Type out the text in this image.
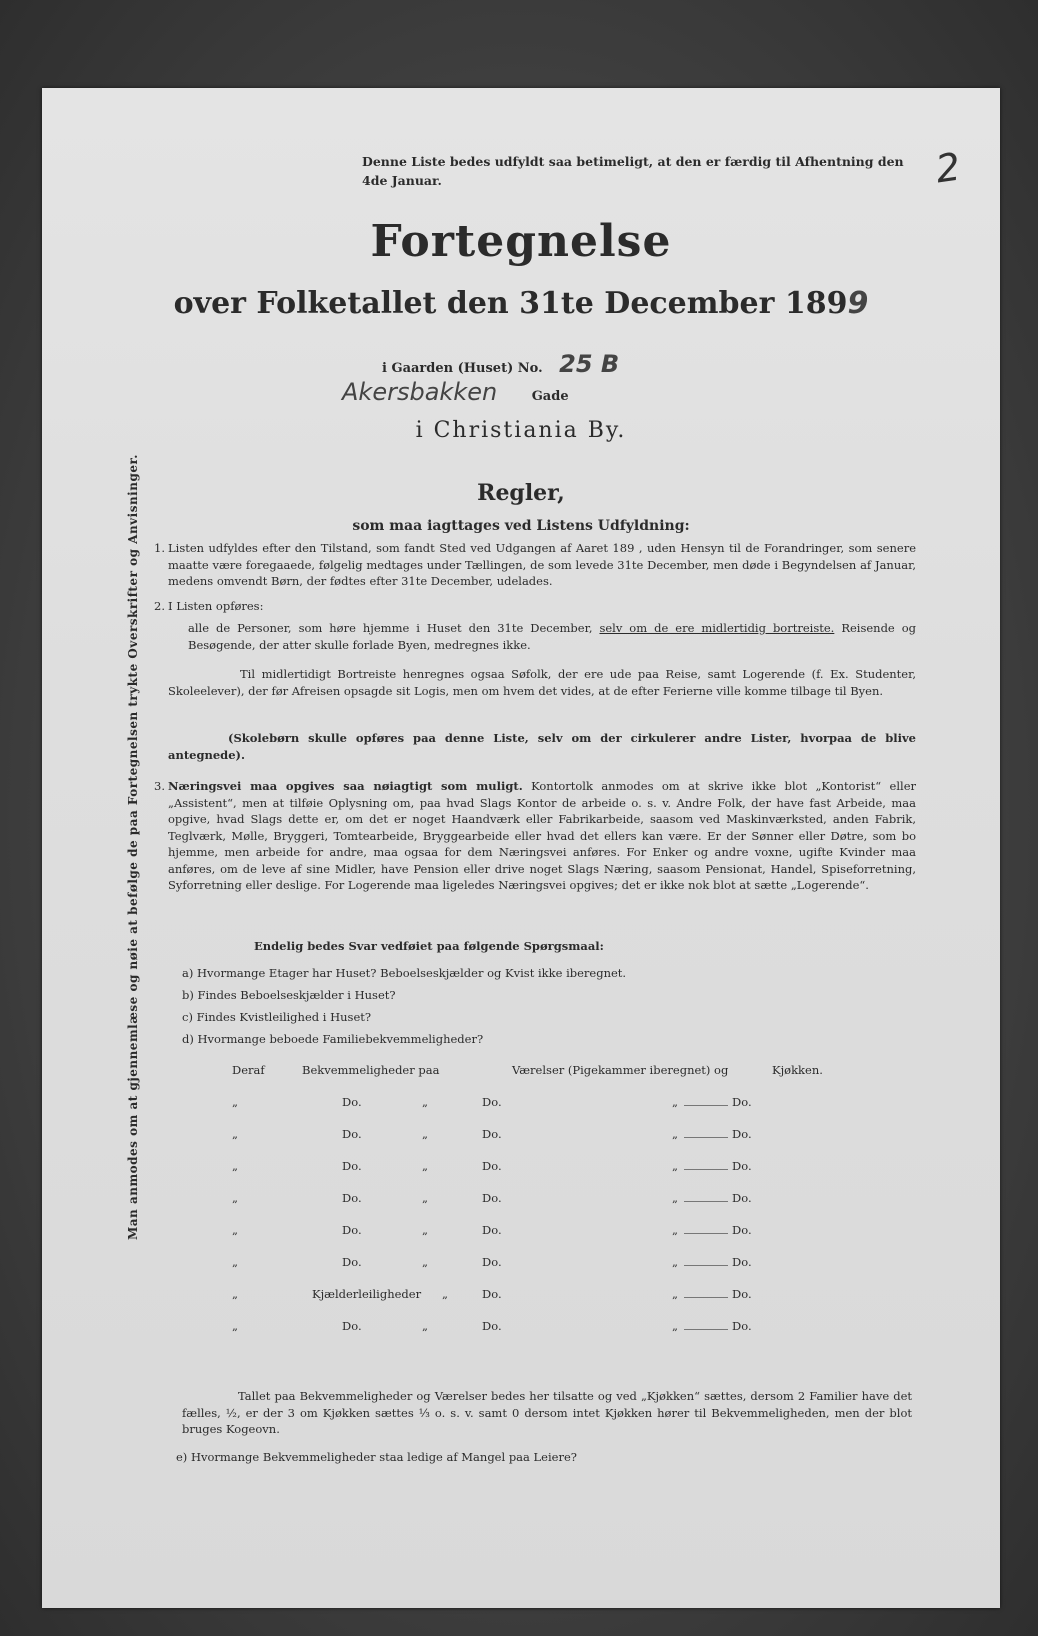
Denne Liste bedes udfyldt saa betimeligt, at den er færdig til Afhentning den 4de Januar.	2
Fortegnelse
over Folketallet den 31te December 1899
i Gaarden (Huset) No. 25 B
Akersbakken	Gade
i Christiania By.
Regler,
som maa iagttages ved Listens Udfyldning:
1. Listen udfyldes efter den Tilstand, som fandt Sted ved Udgangen af Aaret 189 , uden Hensyn til de Forandringer, som senere maatte være foregaaede, følgelig medtages under Tællingen, de som levede 31te December, men døde i Begyndelsen af Januar, medens omvendt Børn, der fødtes efter 31te December, udelades.
2. I Listen opføres:
alle de Personer, som høre hjemme i Huset den 31te December, selv om de ere midlertidig bortreiste. Reisende og Besøgende, der atter skulle forlade Byen, medregnes ikke.
Til midlertidigt Bortreiste henregnes ogsaa Søfolk, der ere ude paa Reise, samt Logerende (f. Ex. Studenter, Skoleelever), der før Afreisen opsagde sit Logis, men om hvem det vides, at de efter Ferierne ville komme tilbage til Byen.
(Skolebørn skulle opføres paa denne Liste, selv om der cirkulerer andre Lister, hvorpaa de blive antegnede).
3. Næringsvei maa opgives saa nøiagtigt som muligt. Kontortolk anmodes om at skrive ikke blot „Kontorist“ eller „Assistent“, men at tilføie Oplysning om, paa hvad Slags Kontor de arbeide o. s. v. Andre Folk, der have fast Arbeide, maa opgive, hvad Slags dette er, om det er noget Haandværk eller Fabrikarbeide, saasom ved Maskinværksted, anden Fabrik, Teglværk, Mølle, Bryggeri, Tomtearbeide, Bryggearbeide eller hvad det ellers kan være. Er der Sønner eller Døtre, som bo hjemme, men arbeide for andre, maa ogsaa for dem Næringsvei anføres. For Enker og andre voxne, ugifte Kvinder maa anføres, om de leve af sine Midler, have Pension eller drive noget Slags Næring, saasom Pensionat, Handel, Spiseforretning, Syforretning eller deslige. For Logerende maa ligeledes Næringsvei opgives; det er ikke nok blot at sætte „Logerende“.
Endelig bedes Svar vedføiet paa følgende Spørgsmaal:
a) Hvormange Etager har Huset? Beboelseskjælder og Kvist ikke iberegnet.
b) Findes Beboelseskjælder i Huset?
c) Findes Kvistleilighed i Huset?
d) Hvormange beboede Familiebekvemmeligheder?
Deraf	Bekvemmeligheder paa	Værelser (Pigekammer iberegnet) og	Kjøkken.
„	Do.	„	Do.	„	Do.
„	Do.	„	Do.	„	Do.
„	Do.	„	Do.	„	Do.
„	Do.	„	Do.	„	Do.
„	Do.	„	Do.	„	Do.
„	Do.	„	Do.	„	Do.
„	Kjælderleiligheder „	Do.	„	Do.
„	Do.	„	Do.	„	Do.
Tallet paa Bekvemmeligheder og Værelser bedes her tilsatte og ved „Kjøkken“ sættes, dersom 2 Familier have det fælles, ½, er der 3 om Kjøkken sættes ⅓ o. s. v. samt 0 dersom intet Kjøkken hører til Bekvemmeligheden, men der blot bruges Kogeovn.
e) Hvormange Bekvemmeligheder staa ledige af Mangel paa Leiere?
Man anmodes om at gjennemlæse og nøie at befølge de paa Fortegnelsen trykte Overskrifter og Anvisninger.
